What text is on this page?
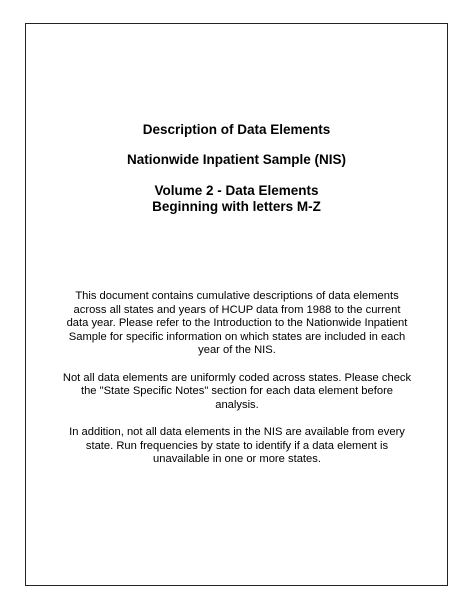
Description of Data Elements
Nationwide Inpatient Sample (NIS)
Volume 2 - Data Elements
Beginning with letters M-Z

This document contains cumulative descriptions of data elements across all states and years of HCUP data from 1988 to the current data year. Please refer to the Introduction to the Nationwide Inpatient Sample for specific information on which states are included in each year of the NIS.

Not all data elements are uniformly coded across states. Please check the "State Specific Notes" section for each data element before analysis.

In addition, not all data elements in the NIS are available from every state. Run frequencies by state to identify if a data element is unavailable in one or more states.
